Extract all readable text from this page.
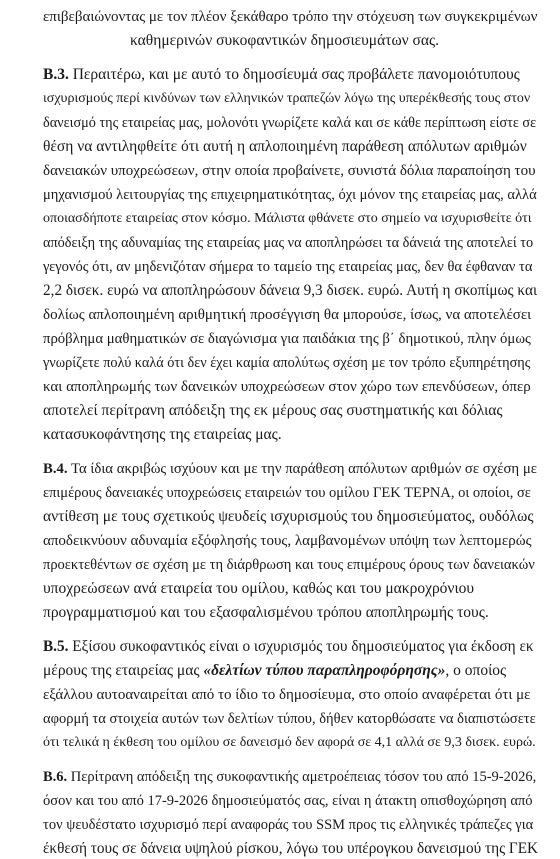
επιβεβαιώνοντας με τον πλέον ξεκάθαρο τρόπο την στόχευση των συγκεκριμένων
καθημερινών συκοφαντικών δημοσιευμάτων σας.
Β.3. Περαιτέρω, και με αυτό το δημοσίευμά σας προβάλετε πανομοιότυπους
ισχυρισμούς περί κινδύνων των ελληνικών τραπεζών λόγω της υπερέκθεσής τους στον
δανεισμό της εταιρείας μας, μολονότι γνωρίζετε καλά και σε κάθε περίπτωση είστε σε
θέση να αντιληφθείτε ότι αυτή η απλοποιημένη παράθεση απόλυτων αριθμών
δανειακών υποχρεώσεων, στην οποία προβαίνετε, συνιστά δόλια παραποίηση του
μηχανισμού λειτουργίας της επιχειρηματικότητας, όχι μόνον της εταιρείας μας, αλλά
οποιασδήποτε εταιρείας στον κόσμο. Μάλιστα φθάνετε στο σημείο να ισχυρισθείτε ότι
απόδειξη της αδυναμίας της εταιρείας μας να αποπληρώσει τα δάνειά της αποτελεί το
γεγονός ότι, αν μηδενιζόταν σήμερα το ταμείο της εταιρείας μας, δεν θα έφθαναν τα
2,2 δισεκ. ευρώ να αποπληρώσουν δάνεια 9,3 δισεκ. ευρώ. Αυτή η σκοπίμως και
δολίως απλοποιημένη αριθμητική προσέγγιση θα μπορούσε, ίσως, να αποτελέσει
πρόβλημα μαθηματικών σε διαγώνισμα για παιδάκια της β΄ δημοτικού, πλην όμως
γνωρίζετε πολύ καλά ότι δεν έχει καμία απολύτως σχέση με τον τρόπο εξυπηρέτησης
και αποπληρωμής των δανεικών υποχρεώσεων στον χώρο των επενδύσεων, όπερ
αποτελεί περίτρανη απόδειξη της εκ μέρους σας συστηματικής και δόλιας
κατασυκοφάντησης της εταιρείας μας.
Β.4. Τα ίδια ακριβώς ισχύουν και με την παράθεση απόλυτων αριθμών σε σχέση με
επιμέρους δανειακές υποχρεώσεις εταιρειών του ομίλου ΓΕΚ ΤΕΡΝΑ, οι οποίοι, σε
αντίθεση με τους σχετικούς ψευδείς ισχυρισμούς του δημοσιεύματος, ουδόλως
αποδεικνύουν αδυναμία εξόφλησής τους, λαμβανομένων υπόψη των λεπτομερώς
προεκτεθέντων σε σχέση με τη διάρθρωση και τους επιμέρους όρους των δανειακών
υποχρεώσεων ανά εταιρεία του ομίλου, καθώς και του μακροχρόνιου
προγραμματισμού και του εξασφαλισμένου τρόπου αποπληρωμής τους.
Β.5. Εξίσου συκοφαντικός είναι ο ισχυρισμός του δημοσιεύματος για έκδοση εκ
μέρους της εταιρείας μας «δελτίων τύπου παραπληροφόρησης», ο οποίος
εξάλλου αυτοαναιρείται από το ίδιο το δημοσίευμα, στο οποίο αναφέρεται ότι με
αφορμή τα στοιχεία αυτών των δελτίων τύπου, δήθεν κατορθώσατε να διαπιστώσετε
ότι τελικά η έκθεση του ομίλου σε δανεισμό δεν αφορά σε 4,1 αλλά σε 9,3 δισεκ. ευρώ.
Β.6. Περίτρανη απόδειξη της συκοφαντικής αμετροέπειας τόσον του από 15-9-2026,
όσον και του από 17-9-2026 δημοσιεύματός σας, είναι η άτακτη οπισθοχώρηση από
τον ψευδέστατο ισχυρισμό περί αναφοράς του SSM προς τις ελληνικές τράπεζες για
έκθεσή τους σε δάνεια υψηλού ρίσκου, λόγω του υπέρογκου δανεισμού της ΓΕΚ
